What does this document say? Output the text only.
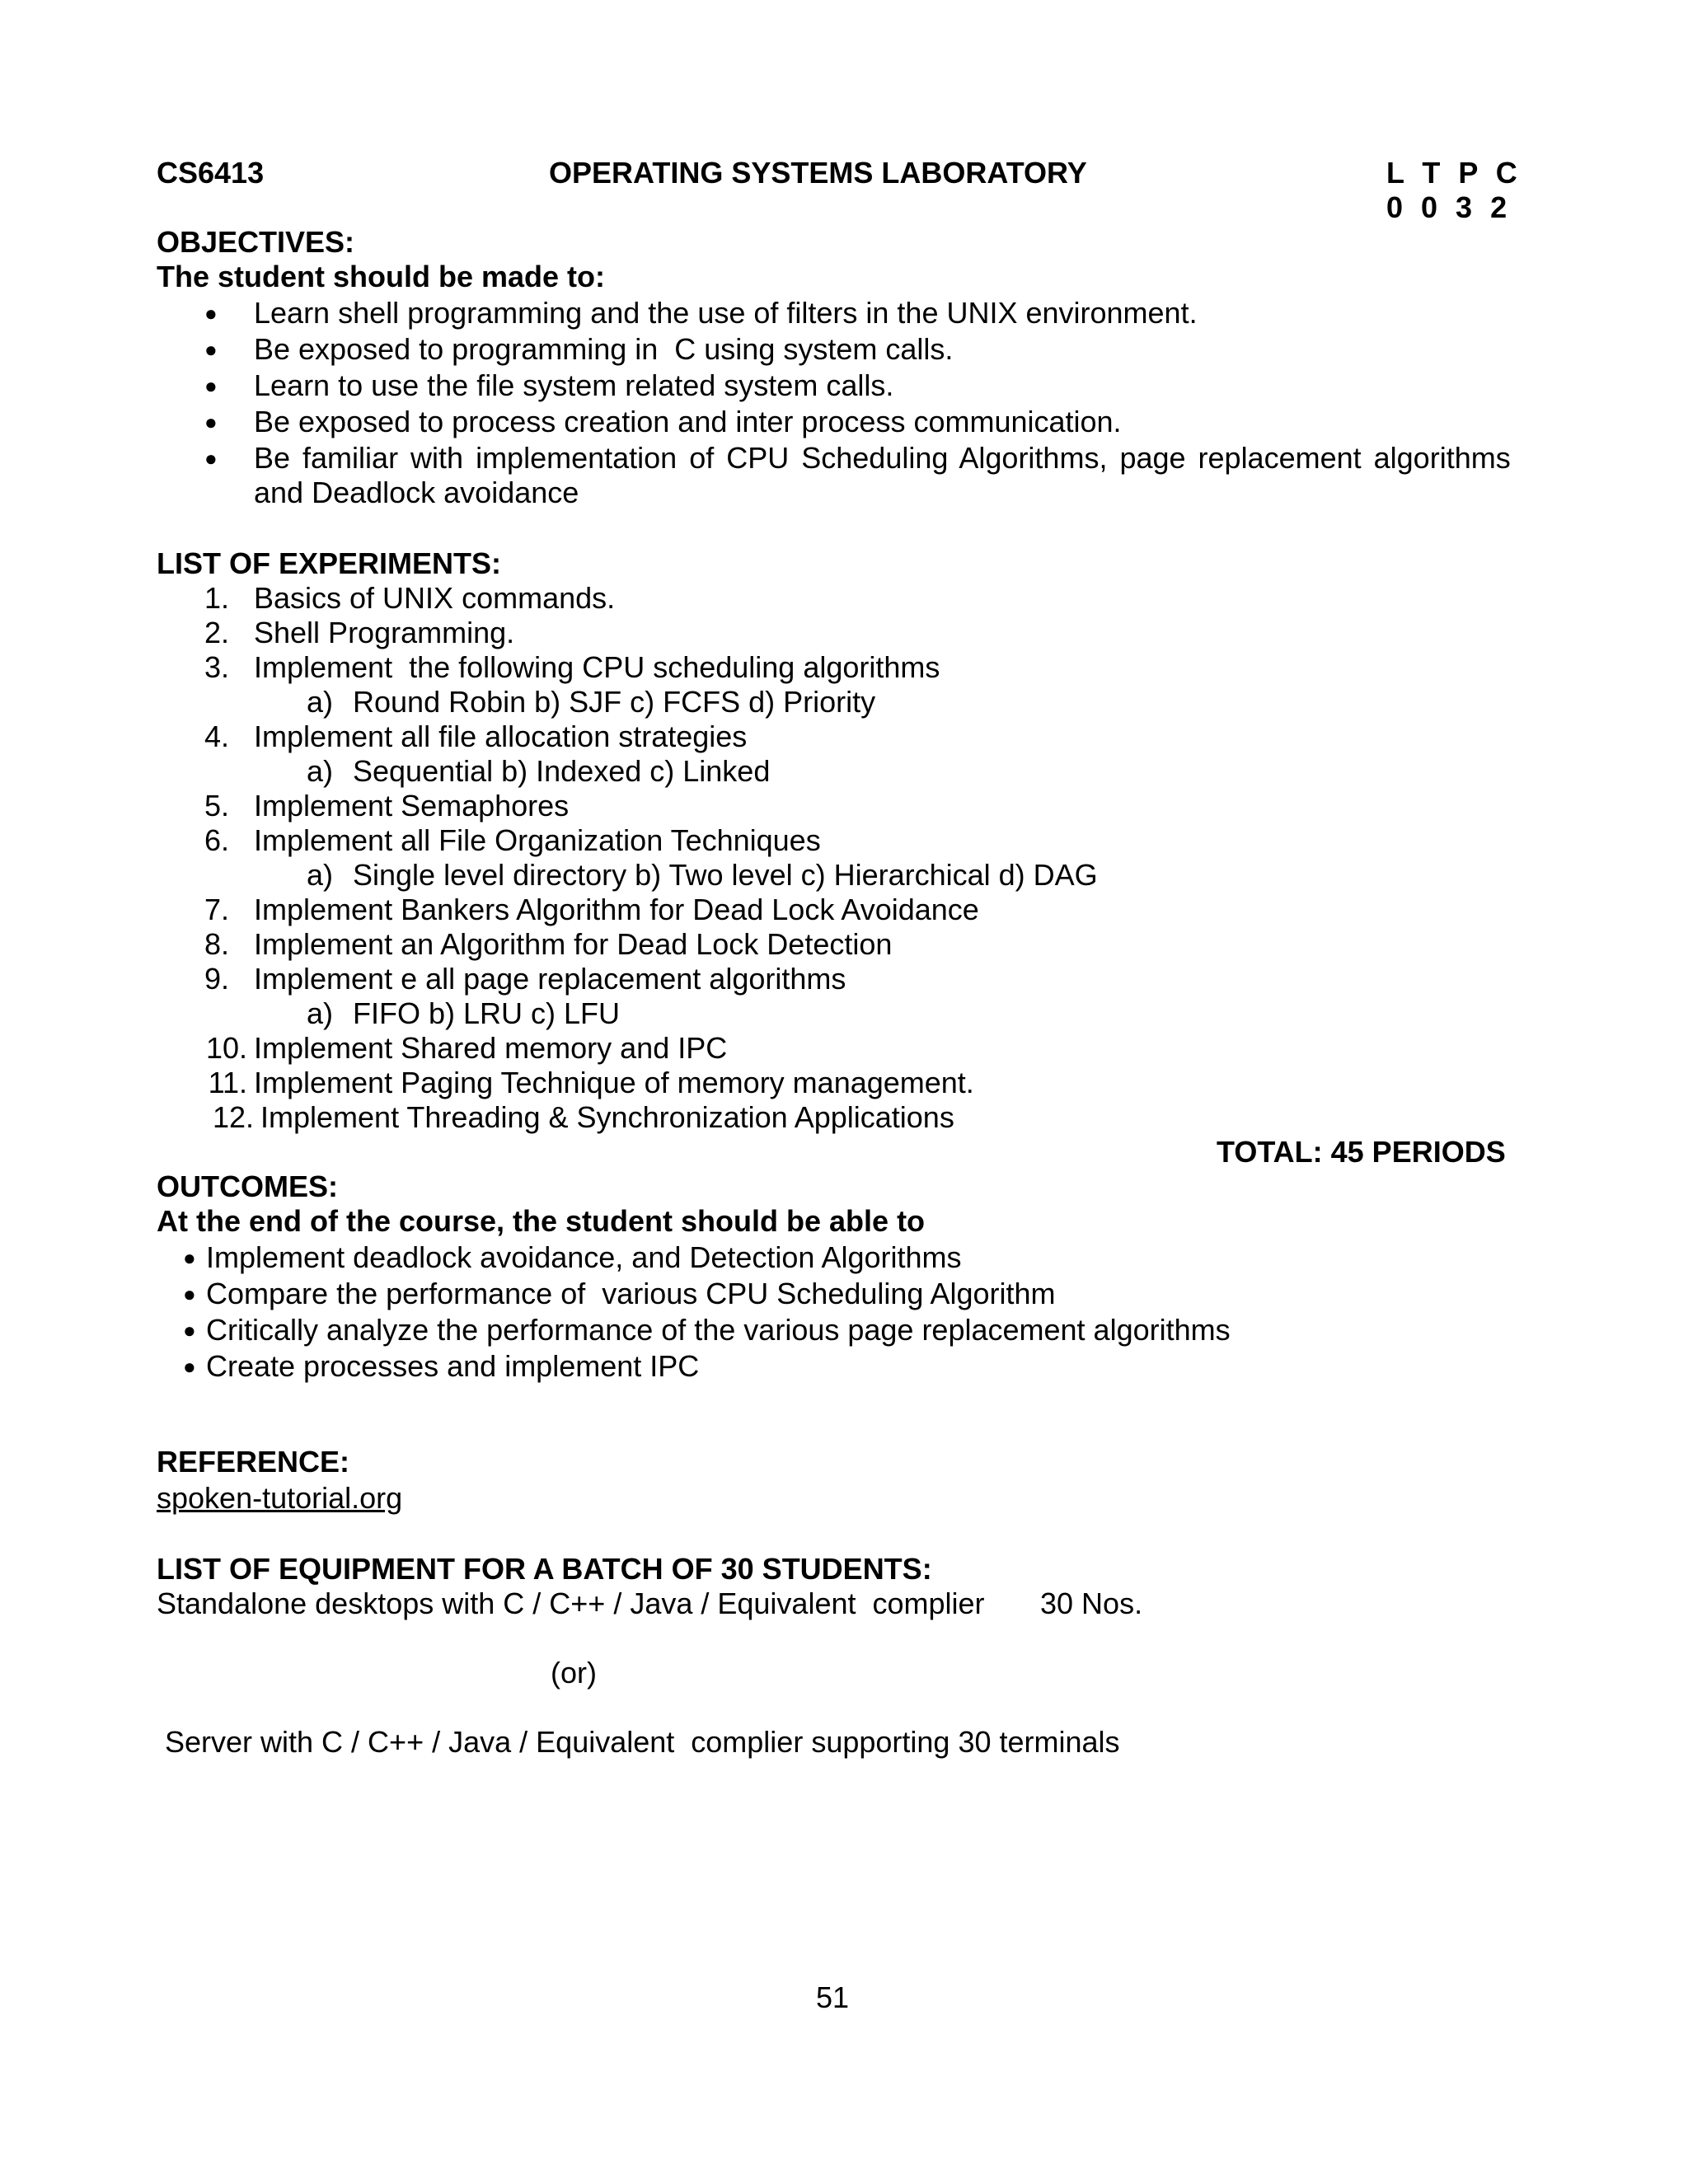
CS6413	OPERATING SYSTEMS LABORATORY	L T P C
0 0 3 2
OBJECTIVES:
The student should be made to:
● Learn shell programming and the use of filters in the UNIX environment.
● Be exposed to programming in  C using system calls.
● Learn to use the file system related system calls.
● Be exposed to process creation and inter process communication.
● Be familiar with implementation of CPU Scheduling Algorithms, page replacement algorithms
and Deadlock avoidance
LIST OF EXPERIMENTS:
1. Basics of UNIX commands.
2. Shell Programming.
3. Implement  the following CPU scheduling algorithms
a) Round Robin b) SJF c) FCFS d) Priority
4. Implement all file allocation strategies
a) Sequential b) Indexed c) Linked
5. Implement Semaphores
6. Implement all File Organization Techniques
a) Single level directory b) Two level c) Hierarchical d) DAG
7. Implement Bankers Algorithm for Dead Lock Avoidance
8. Implement an Algorithm for Dead Lock Detection
9. Implement e all page replacement algorithms
a) FIFO b) LRU c) LFU
10. Implement Shared memory and IPC
11. Implement Paging Technique of memory management.
12. Implement Threading & Synchronization Applications
TOTAL: 45 PERIODS
OUTCOMES:
At the end of the course, the student should be able to
● Implement deadlock avoidance, and Detection Algorithms
● Compare the performance of  various CPU Scheduling Algorithm
● Critically analyze the performance of the various page replacement algorithms
● Create processes and implement IPC
REFERENCE:
spoken-tutorial.org
LIST OF EQUIPMENT FOR A BATCH OF 30 STUDENTS:
Standalone desktops with C / C++ / Java / Equivalent  complier 30 Nos.
(or)
Server with C / C++ / Java / Equivalent  complier supporting 30 terminals
51
